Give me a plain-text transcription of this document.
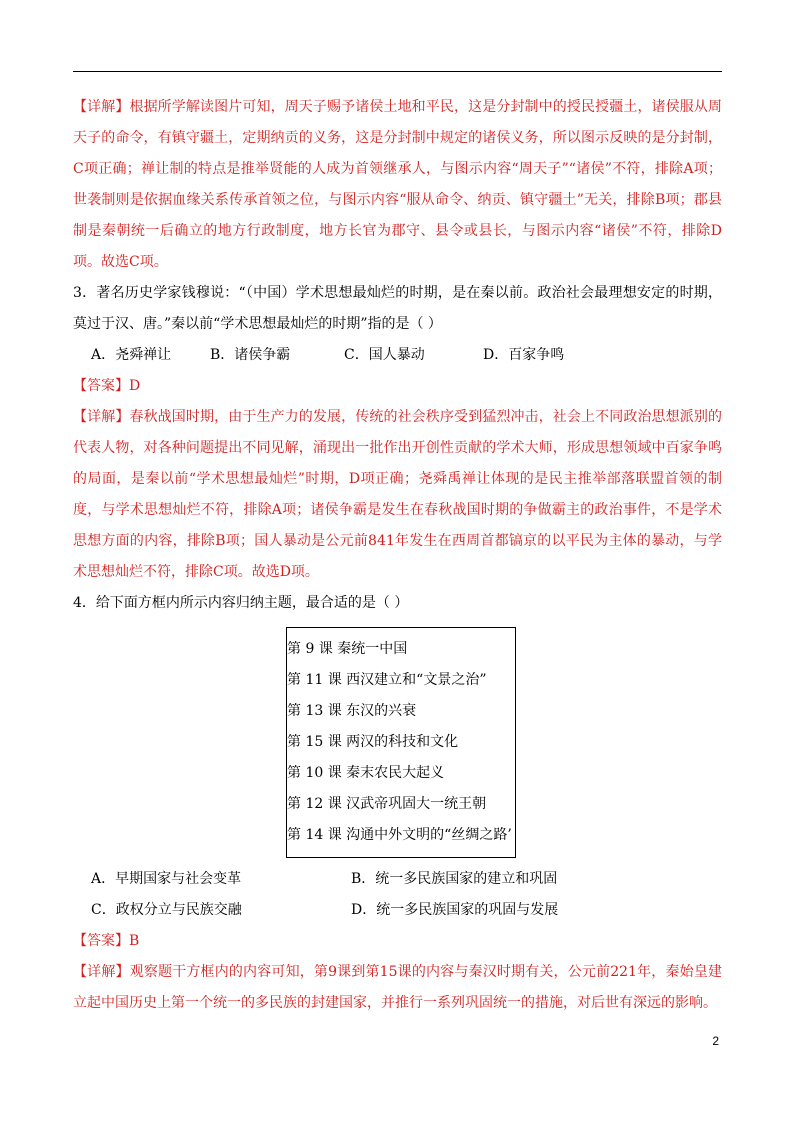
【详解】根据所学解读图片可知，周天子赐予诸侯土地和平民，这是分封制中的授民授疆土，诸侯服从周天子的命令，有镇守疆土，定期纳贡的义务，这是分封制中规定的诸侯义务，所以图示反映的是分封制，C项正确；禅让制的特点是推举贤能的人成为首领继承人，与图示内容“周天子”“诸侯”不符，排除A项；世袭制则是依据血缘关系传承首领之位，与图示内容“服从命令、纳贡、镇守疆土”无关，排除B项；郡县制是秦朝统一后确立的地方行政制度，地方长官为郡守、县令或县长，与图示内容“诸侯”不符，排除D项。故选C项。

3．著名历史学家钱穆说：“（中国）学术思想最灿烂的时期，是在秦以前。政治社会最理想安定的时期，莫过于汉、唐。”秦以前“学术思想最灿烂的时期”指的是（ ）

A．尧舜禅让	B．诸侯争霸	C．国人暴动	D．百家争鸣

【答案】D

【详解】春秋战国时期，由于生产力的发展，传统的社会秩序受到猛烈冲击，社会上不同政治思想派别的代表人物，对各种问题提出不同见解，涌现出一批作出开创性贡献的学术大师，形成思想领域中百家争鸣的局面，是秦以前“学术思想最灿烂”时期，D项正确；尧舜禹禅让体现的是民主推举部落联盟首领的制度，与学术思想灿烂不符，排除A项；诸侯争霸是发生在春秋战国时期的争做霸主的政治事件，不是学术思想方面的内容，排除B项；国人暴动是公元前841年发生在西周首都镐京的以平民为主体的暴动，与学术思想灿烂不符，排除C项。故选D项。

4．给下面方框内所示内容归纳主题，最合适的是（ ）

第 9 课 秦统一中国
第 11 课 西汉建立和“文景之治”
第 13 课 东汉的兴衰
第 15 课 两汉的科技和文化
第 10 课 秦末农民大起义
第 12 课 汉武帝巩固大一统王朝
第 14 课 沟通中外文明的“丝绸之路’
A．早期国家与社会变革	B．统一多民族国家的建立和巩固
C．政权分立与民族交融	D．统一多民族国家的巩固与发展

【答案】B

【详解】观察题干方框内的内容可知，第9课到第15课的内容与秦汉时期有关，公元前221年，秦始皇建立起中国历史上第一个统一的多民族的封建国家，并推行一系列巩固统一的措施，对后世有深远的影响。

2
